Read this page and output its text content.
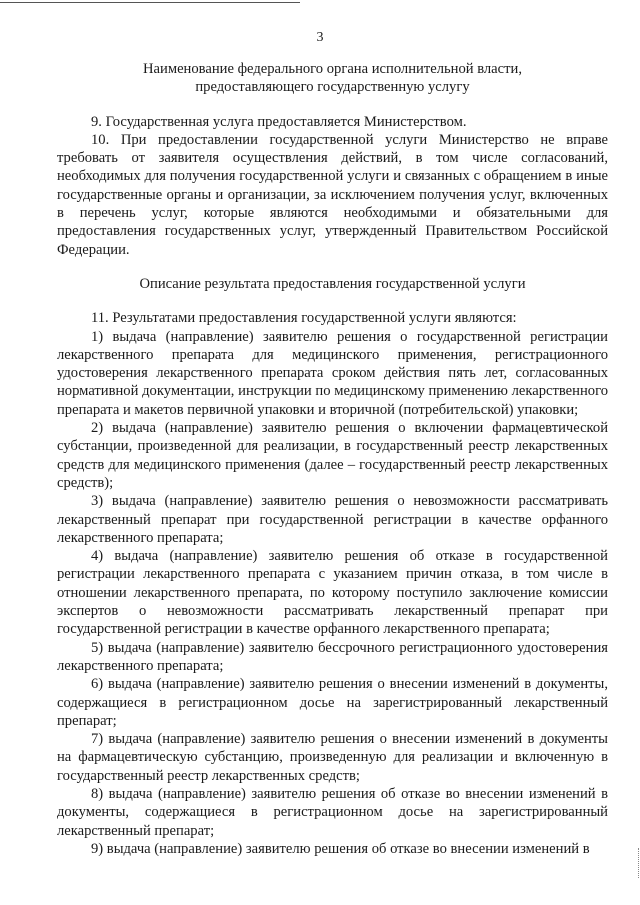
3

Наименование федерального органа исполнительной власти,

предоставляющего государственную услугу

9. Государственная услуга предоставляется Министерством.

10. При предоставлении государственной услуги Министерство не вправе требовать от заявителя осуществления действий, в том числе согласований, необходимых для получения государственной услуги и связанных с обращением в иные государственные органы и организации, за исключением получения услуг, включенных в перечень услуг, которые являются необходимыми и обязательными для предоставления государственных услуг, утвержденный Правительством Российской Федерации.

Описание результата предоставления государственной услуги

11. Результатами предоставления государственной услуги являются:

1) выдача (направление) заявителю решения о государственной регистрации лекарственного препарата для медицинского применения, регистрационного удостоверения лекарственного препарата сроком действия пять лет, согласованных нормативной документации, инструкции по медицинскому применению лекарственного препарата и макетов первичной упаковки и вторичной (потребительской) упаковки;

2) выдача (направление) заявителю решения о включении фармацевтической субстанции, произведенной для реализации, в государственный реестр лекарственных средств для медицинского применения (далее – государственный реестр лекарственных средств);

3) выдача (направление) заявителю решения о невозможности рассматривать лекарственный препарат при государственной регистрации в качестве орфанного лекарственного препарата;

4) выдача (направление) заявителю решения об отказе в государственной регистрации лекарственного препарата с указанием причин отказа, в том числе в отношении лекарственного препарата, по которому поступило заключение комиссии экспертов о невозможности рассматривать лекарственный препарат при государственной регистрации в качестве орфанного лекарственного препарата;

5) выдача (направление) заявителю бессрочного регистрационного удостоверения лекарственного препарата;

6) выдача (направление) заявителю решения о внесении изменений в документы, содержащиеся в регистрационном досье на зарегистрированный лекарственный препарат;

7) выдача (направление) заявителю решения о внесении изменений в документы на фармацевтическую субстанцию, произведенную для реализации и включенную в государственный реестр лекарственных средств;

8) выдача (направление) заявителю решения об отказе во внесении изменений в документы, содержащиеся в регистрационном досье на зарегистрированный лекарственный препарат;

9) выдача (направление) заявителю решения об отказе во внесении изменений в
